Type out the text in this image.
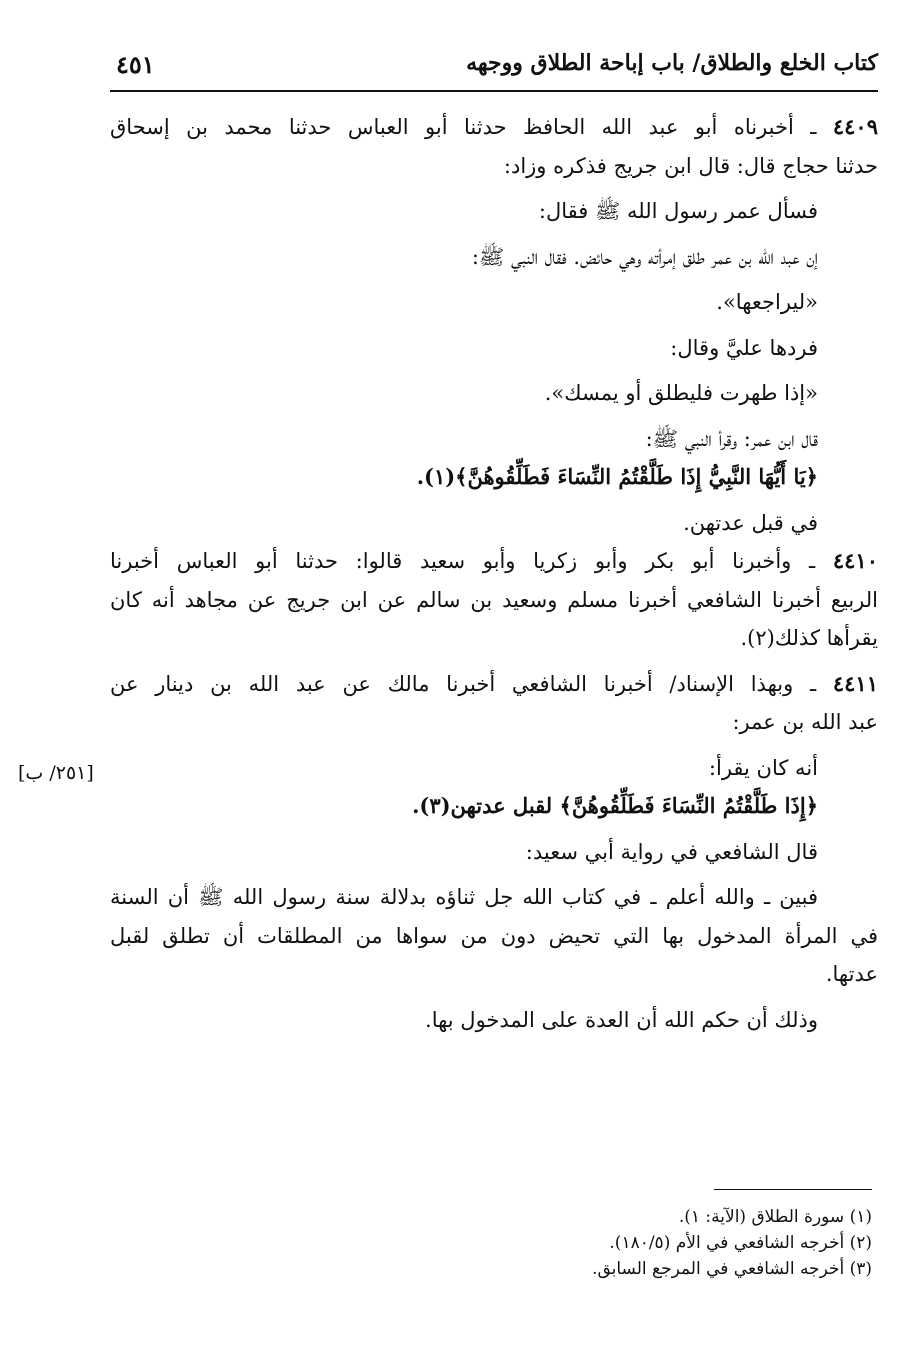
كتاب الخلع والطلاق/ باب إباحة الطلاق ووجهه
٤٥١
٤٤٠٩ ـ أخبرناه أبو عبد الله الحافظ حدثنا أبو العباس حدثنا محمد بن إسحاق
حدثنا حجاج قال: قال ابن جريج فذكره وزاد:
فسأل عمر رسول الله ﷺ فقال:
إن عبد الله بن عمر طلق إمرأته وهي حائض. فقال النبي ﷺ:
«ليراجعها».
فردها عليَّ وقال:
«إذا طهرت فليطلق أو يمسك».
قال ابن عمر: وقرأ النبي ﷺ:
﴿يَا أَيُّهَا النَّبِيُّ إِذَا طَلَّقْتُمُ النِّسَاءَ فَطَلِّقُوهُنَّ﴾(١).
في قبل عدتهن.
٤٤١٠ ـ وأخبرنا أبو بكر وأبو زكريا وأبو سعيد قالوا: حدثنا أبو العباس أخبرنا
الربيع أخبرنا الشافعي أخبرنا مسلم وسعيد بن سالم عن ابن جريج عن مجاهد أنه كان
يقرأها كذلك(٢).
٤٤١١ ـ وبهذا الإسناد/ أخبرنا الشافعي أخبرنا مالك عن عبد الله بن دينار عن
عبد الله بن عمر:
أنه كان يقرأ:
﴿إِذَا طَلَّقْتُمُ النِّسَاءَ فَطَلِّقُوهُنَّ﴾ لقبل عدتهن(٣).
قال الشافعي في رواية أبي سعيد:
فبين ـ والله أعلم ـ في كتاب الله جل ثناؤه بدلالة سنة رسول الله ﷺ أن السنة
في المرأة المدخول بها التي تحيض دون من سواها من المطلقات أن تطلق لقبل
عدتها.
وذلك أن حكم الله أن العدة على المدخول بها.
[٢٥١/ ب]
(١) سورة الطلاق (الآية: ١).
(٢) أخرجه الشافعي في الأم (١٨٠/٥).
(٣) أخرجه الشافعي في المرجع السابق.
